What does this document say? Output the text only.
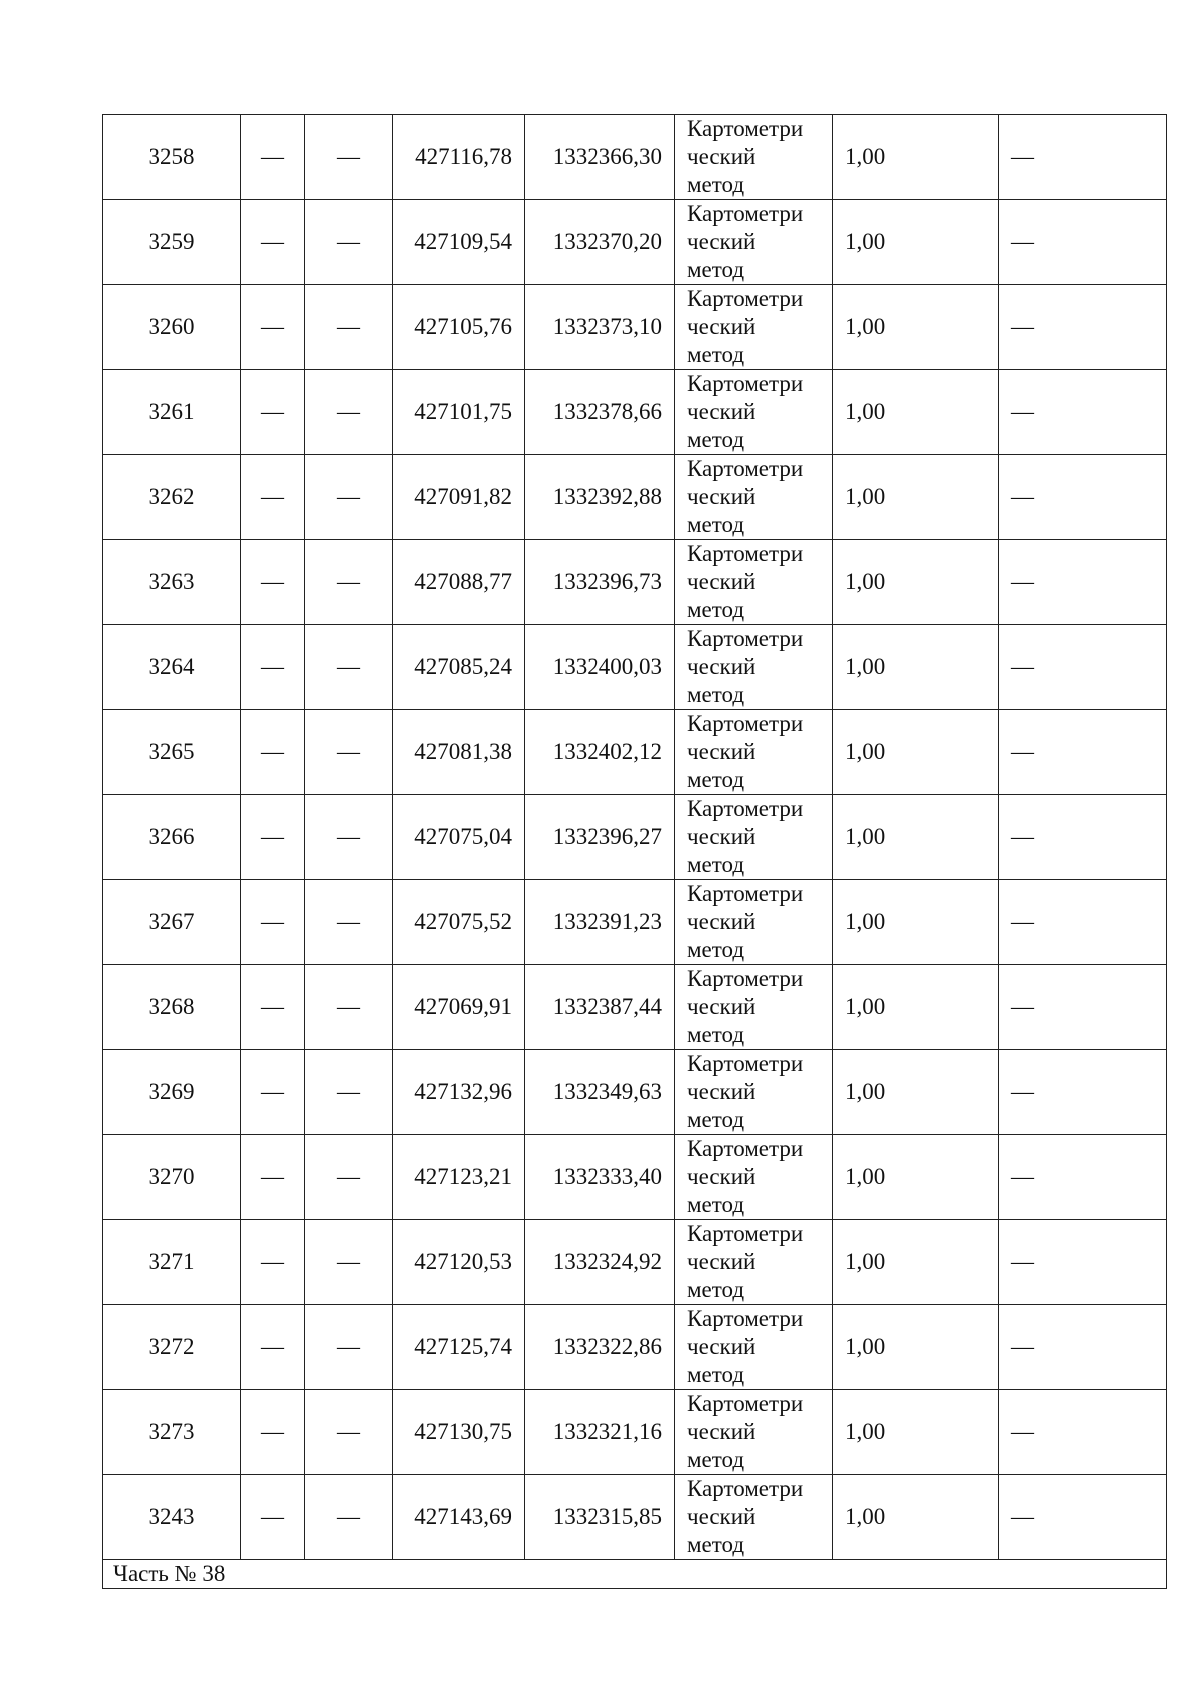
3258	—	—	427116,78	1332366,30	Картометри
ческий
метод	1,00	—
3259	—	—	427109,54	1332370,20	Картометри
ческий
метод	1,00	—
3260	—	—	427105,76	1332373,10	Картометри
ческий
метод	1,00	—
3261	—	—	427101,75	1332378,66	Картометри
ческий
метод	1,00	—
3262	—	—	427091,82	1332392,88	Картометри
ческий
метод	1,00	—
3263	—	—	427088,77	1332396,73	Картометри
ческий
метод	1,00	—
3264	—	—	427085,24	1332400,03	Картометри
ческий
метод	1,00	—
3265	—	—	427081,38	1332402,12	Картометри
ческий
метод	1,00	—
3266	—	—	427075,04	1332396,27	Картометри
ческий
метод	1,00	—
3267	—	—	427075,52	1332391,23	Картометри
ческий
метод	1,00	—
3268	—	—	427069,91	1332387,44	Картометри
ческий
метод	1,00	—
3269	—	—	427132,96	1332349,63	Картометри
ческий
метод	1,00	—
3270	—	—	427123,21	1332333,40	Картометри
ческий
метод	1,00	—
3271	—	—	427120,53	1332324,92	Картометри
ческий
метод	1,00	—
3272	—	—	427125,74	1332322,86	Картометри
ческий
метод	1,00	—
3273	—	—	427130,75	1332321,16	Картометри
ческий
метод	1,00	—
3243	—	—	427143,69	1332315,85	Картометри
ческий
метод	1,00	—
Часть № 38							
